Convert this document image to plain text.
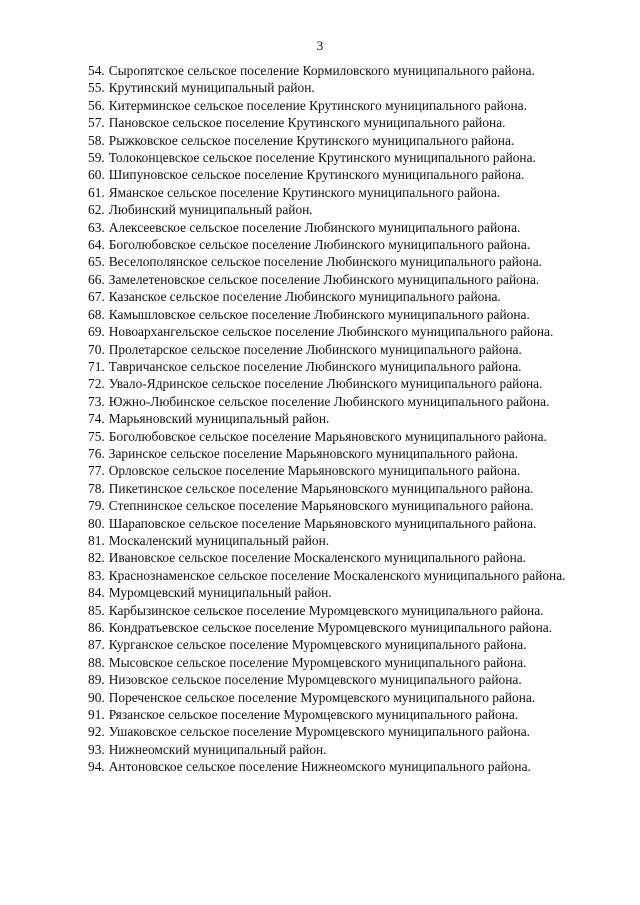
3

54. Сыропятское сельское поселение Кормиловского муниципального района.

55. Крутинский муниципальный район.

56. Китерминское сельское поселение Крутинского муниципального района.

57. Пановское сельское поселение Крутинского муниципального района.

58. Рыжковское сельское поселение Крутинского муниципального района.

59. Толоконцевское сельское поселение Крутинского муниципального района.

60. Шипуновское сельское поселение Крутинского муниципального района.

61. Яманское сельское поселение Крутинского муниципального района.

62. Любинский муниципальный район.

63. Алексеевское сельское поселение Любинского муниципального района.

64. Боголюбовское сельское поселение Любинского муниципального района.

65. Веселополянское сельское поселение Любинского муниципального района.

66. Замелетеновское сельское поселение Любинского муниципального района.

67. Казанское сельское поселение Любинского муниципального района.

68. Камышловское сельское поселение Любинского муниципального района.

69. Новоархангельское сельское поселение Любинского муниципального района.

70. Пролетарское сельское поселение Любинского муниципального района.

71. Тавричанское сельское поселение Любинского муниципального района.

72. Увало-Ядринское сельское поселение Любинского муниципального района.

73. Южно-Любинское сельское поселение Любинского муниципального района.

74. Марьяновский муниципальный район.

75. Боголюбовское сельское поселение Марьяновского муниципального района.

76. Заринское сельское поселение Марьяновского муниципального района.

77. Орловское сельское поселение Марьяновского муниципального района.

78. Пикетинское сельское поселение Марьяновского муниципального района.

79. Степнинское сельское поселение Марьяновского муниципального района.

80. Шараповское сельское поселение Марьяновского муниципального района.

81. Москаленский муниципальный район.

82. Ивановское сельское поселение Москаленского муниципального района.

83. Краснознаменское сельское поселение Москаленского муниципального района.

84. Муромцевский муниципальный район.

85. Карбызинское сельское поселение Муромцевского муниципального района.

86. Кондратьевское сельское поселение Муромцевского муниципального района.

87. Курганское сельское поселение Муромцевского муниципального района.

88. Мысовское сельское поселение Муромцевского муниципального района.

89. Низовское сельское поселение Муромцевского муниципального района.

90. Пореченское сельское поселение Муромцевского муниципального района.

91. Рязанское сельское поселение Муромцевского муниципального района.

92. Ушаковское сельское поселение Муромцевского муниципального района.

93. Нижнеомский муниципальный район.

94. Антоновское сельское поселение Нижнеомского муниципального района.
